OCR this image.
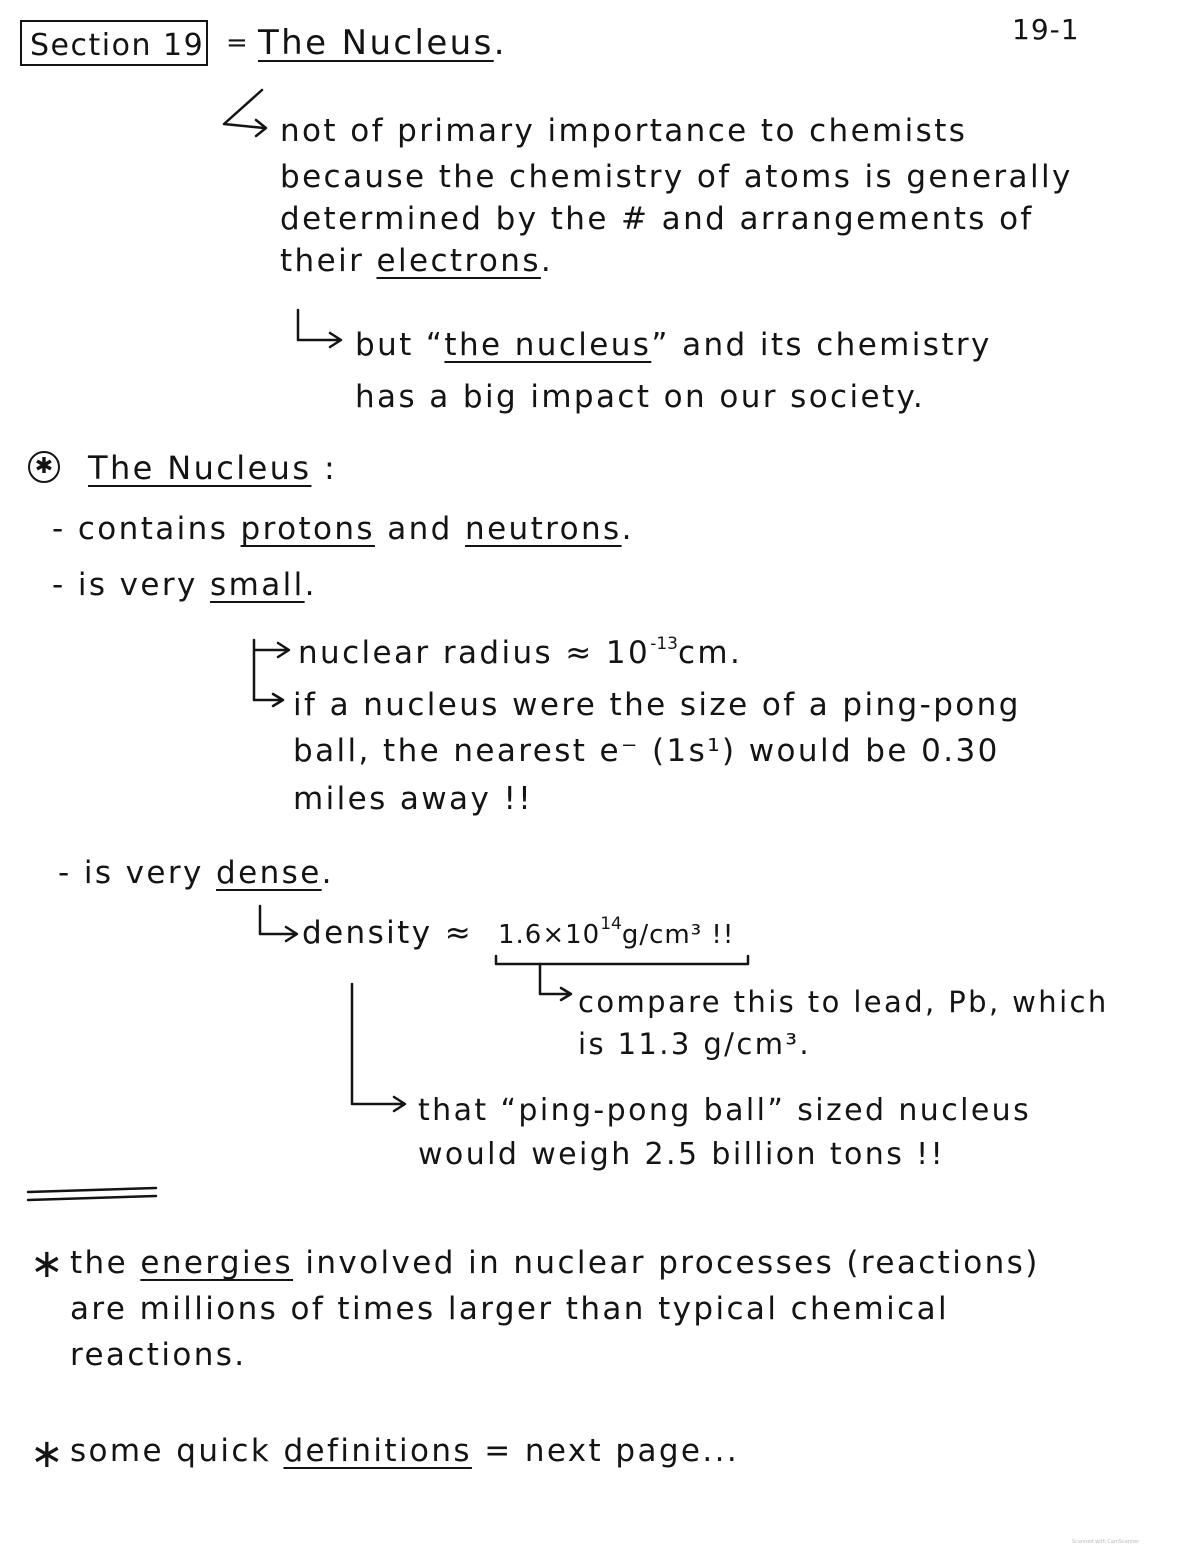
Section 19 = The Nucleus.	19-1
not of primary importance to chemists
because the chemistry of atoms is generally
determined by the # and arrangements of
their electrons.
but “the nucleus” and its chemistry
has a big impact on our society.
✱ The Nucleus :
- contains protons and neutrons.
- is very small.
nuclear radius ≈ $10^{-13}cm$.
if a nucleus were the size of a ping-pong
ball, the nearest e⁻ (1s¹) would be 0.30
miles away !!
- is very dense.
density ≈ $1.6\times 10^{14}g$/cm³ !!
compare this to lead, Pb, which
is 11.3 g/cm³.
that “ping-pong ball” sized nucleus
would weigh 2.5 billion tons !!
∗ the energies involved in nuclear processes (reactions)
are millions of times larger than typical chemical
reactions.
∗ some quick definitions = next page...
Scanned with CamScanner
